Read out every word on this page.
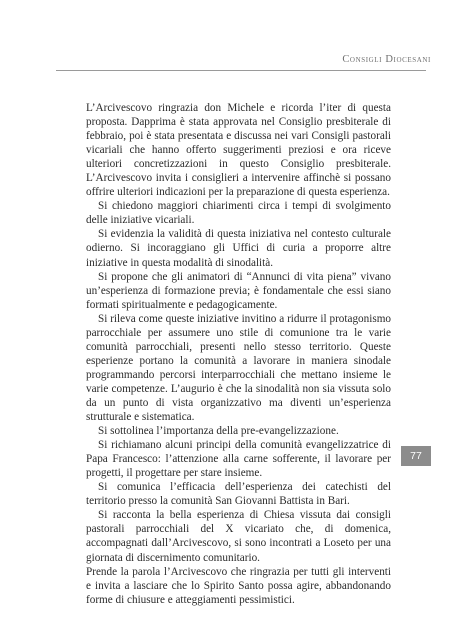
Consigli Diocesani

L’Arcivescovo ringrazia don Michele e ricorda l’iter di questa proposta. Dapprima è stata approvata nel Consiglio presbiterale di febbraio, poi è stata presentata e discussa nei vari Consigli pastorali vicariali che hanno offerto suggerimenti preziosi e ora riceve ulteriori concretizzazioni in questo Consiglio presbiterale. L’Arcivescovo invita i consiglieri a intervenire affinchè si possano offrire ulteriori indicazioni per la preparazione di questa esperienza.

Si chiedono maggiori chiarimenti circa i tempi di svolgimento delle iniziative vicariali.

Si evidenzia la validità di questa iniziativa nel contesto culturale odierno. Si incoraggiano gli Uffici di curia a proporre altre iniziative in questa modalità di sinodalità.

Si propone che gli animatori di “Annunci di vita piena” vivano un’esperienza di formazione previa; è fondamentale che essi siano formati spiritualmente e pedagogicamente.

Si rileva come queste iniziative invitino a ridurre il protagonismo parrocchiale per assumere uno stile di comunione tra le varie comunità parrocchiali, presenti nello stesso territorio. Queste esperienze portano la comunità a lavorare in maniera sinodale programmando percorsi interparrocchiali che mettano insieme le varie competenze. L’augurio è che la sinodalità non sia vissuta solo da un punto di vista organizzativo ma diventi un’esperienza strutturale e sistematica.

Si sottolinea l’importanza della pre-evangelizzazione.

Si richiamano alcuni principi della comunità evangelizzatrice di Papa Francesco: l’attenzione alla carne sofferente, il lavorare per progetti, il progettare per stare insieme.

Si comunica l’efficacia dell’esperienza dei catechisti del territorio presso la comunità San Giovanni Battista in Bari.

Si racconta la bella esperienza di Chiesa vissuta dai consigli pastorali parrocchiali del X vicariato che, di domenica, accompagnati dall’Arcivescovo, si sono incontrati a Loseto per una giornata di discernimento comunitario.

Prende la parola l’Arcivescovo che ringrazia per tutti gli interventi e invita a lasciare che lo Spirito Santo possa agire, abbandonando forme di chiusure e atteggiamenti pessimistici.

77
